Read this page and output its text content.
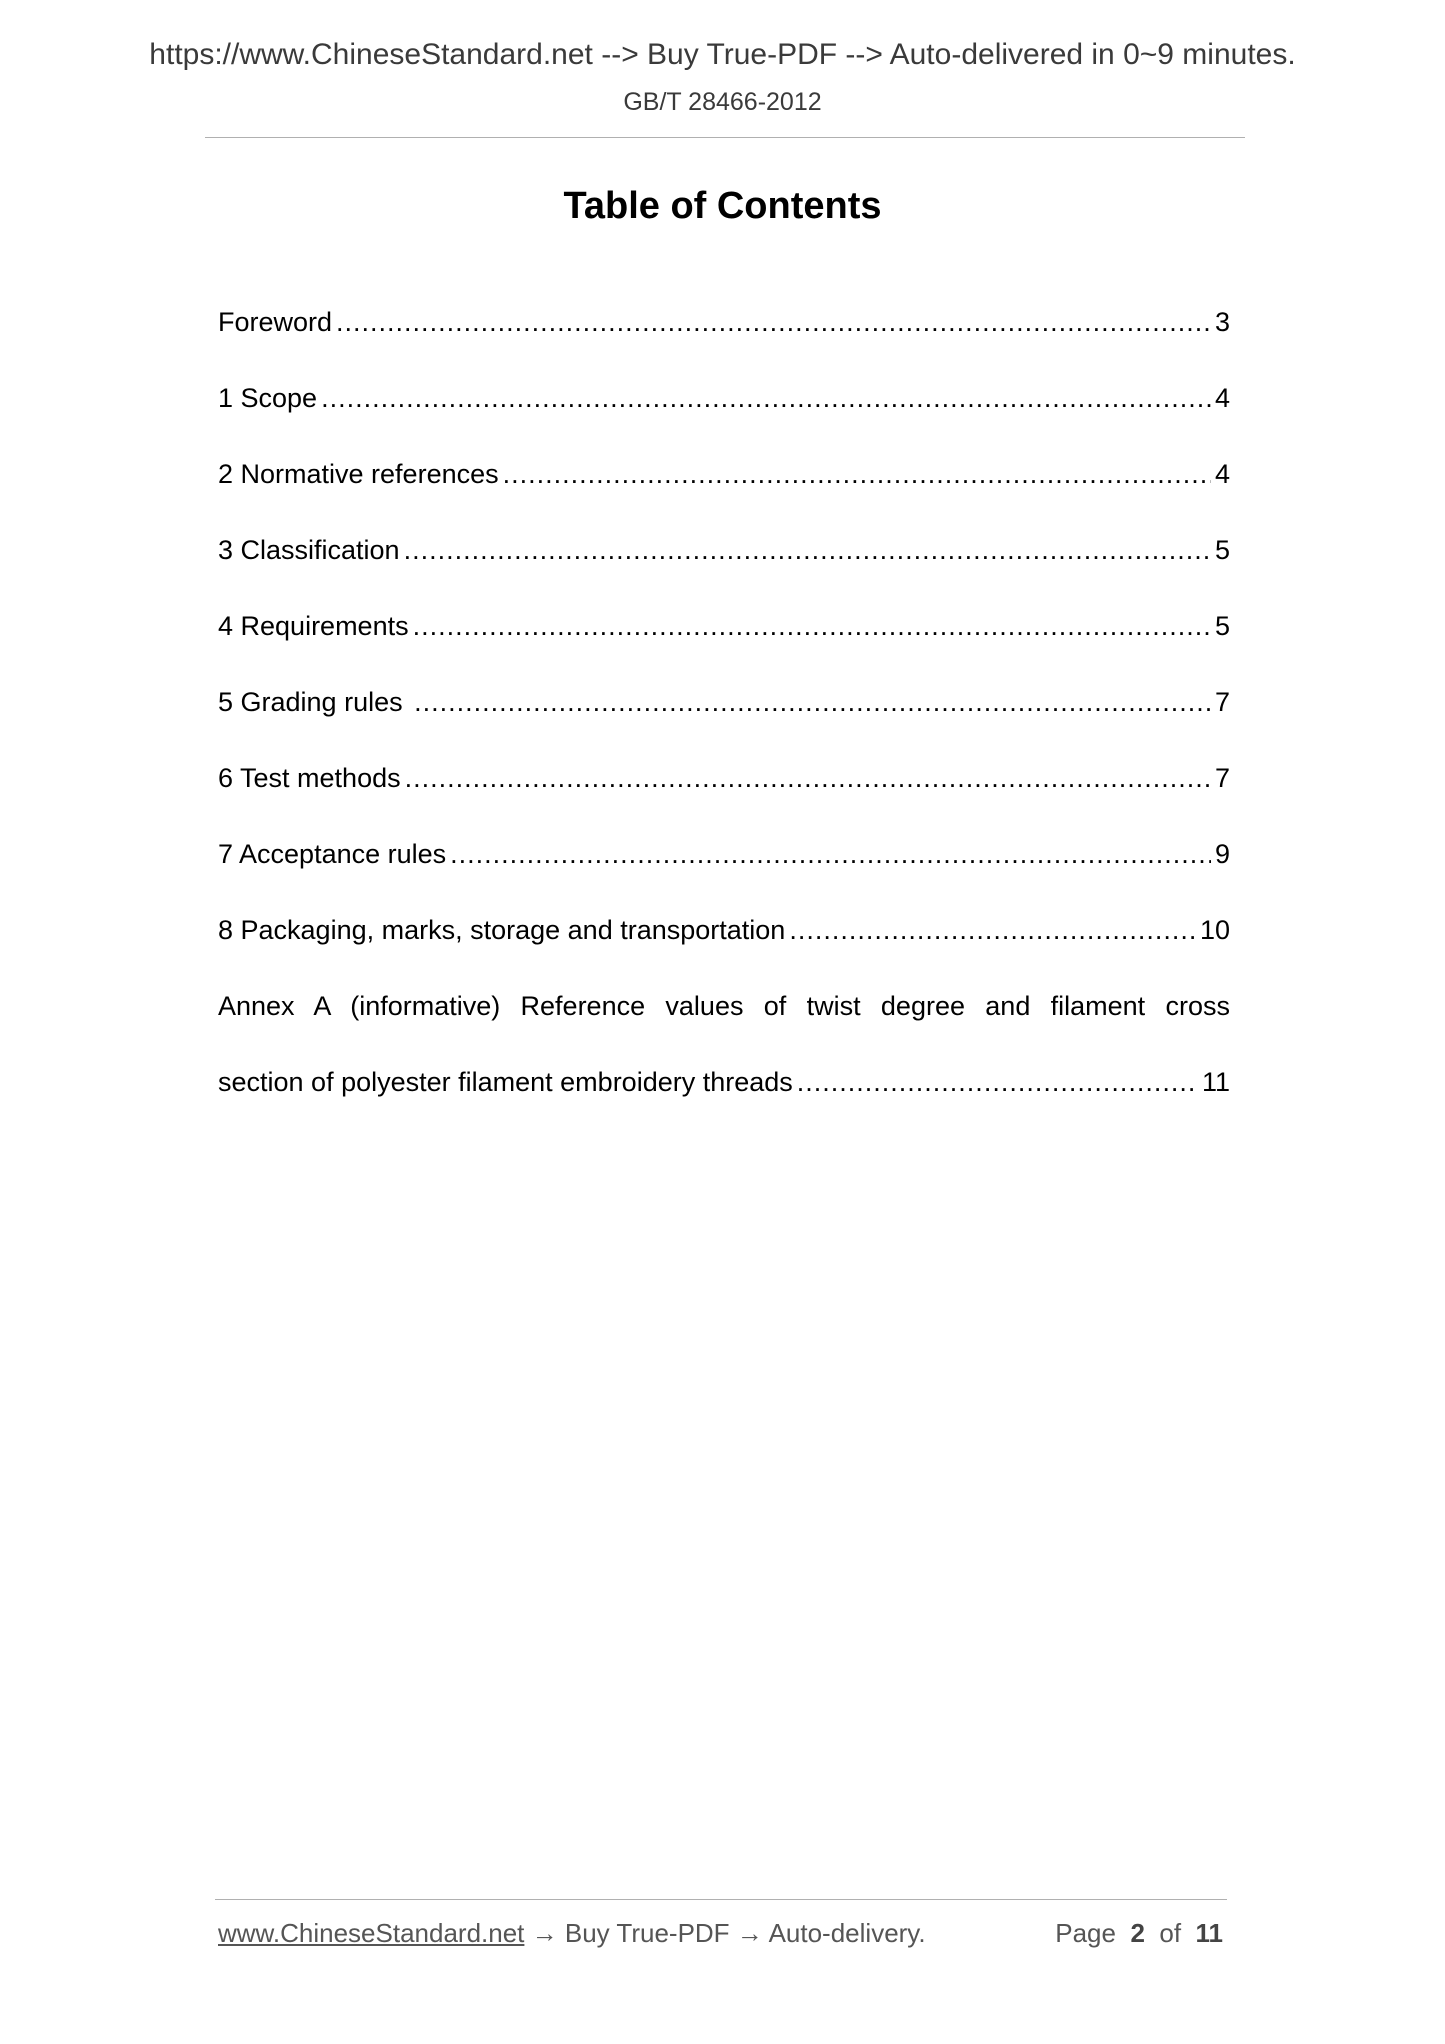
https://www.ChineseStandard.net --> Buy True-PDF --> Auto-delivered in 0~9 minutes.
GB/T 28466-2012
Table of Contents
Foreword .....	3
1 Scope .....	4
2 Normative references .....	4
3 Classification .....	5
4 Requirements .....	5
5 Grading rules .....	7
6 Test methods .....	7
7 Acceptance rules .....	9
8 Packaging, marks, storage and transportation .....	10
Annex A (informative) Reference values of twist degree and filament cross
section of polyester filament embroidery threads .....	11
www.ChineseStandard.net → Buy True-PDF → Auto-delivery.	Page 2 of 11
